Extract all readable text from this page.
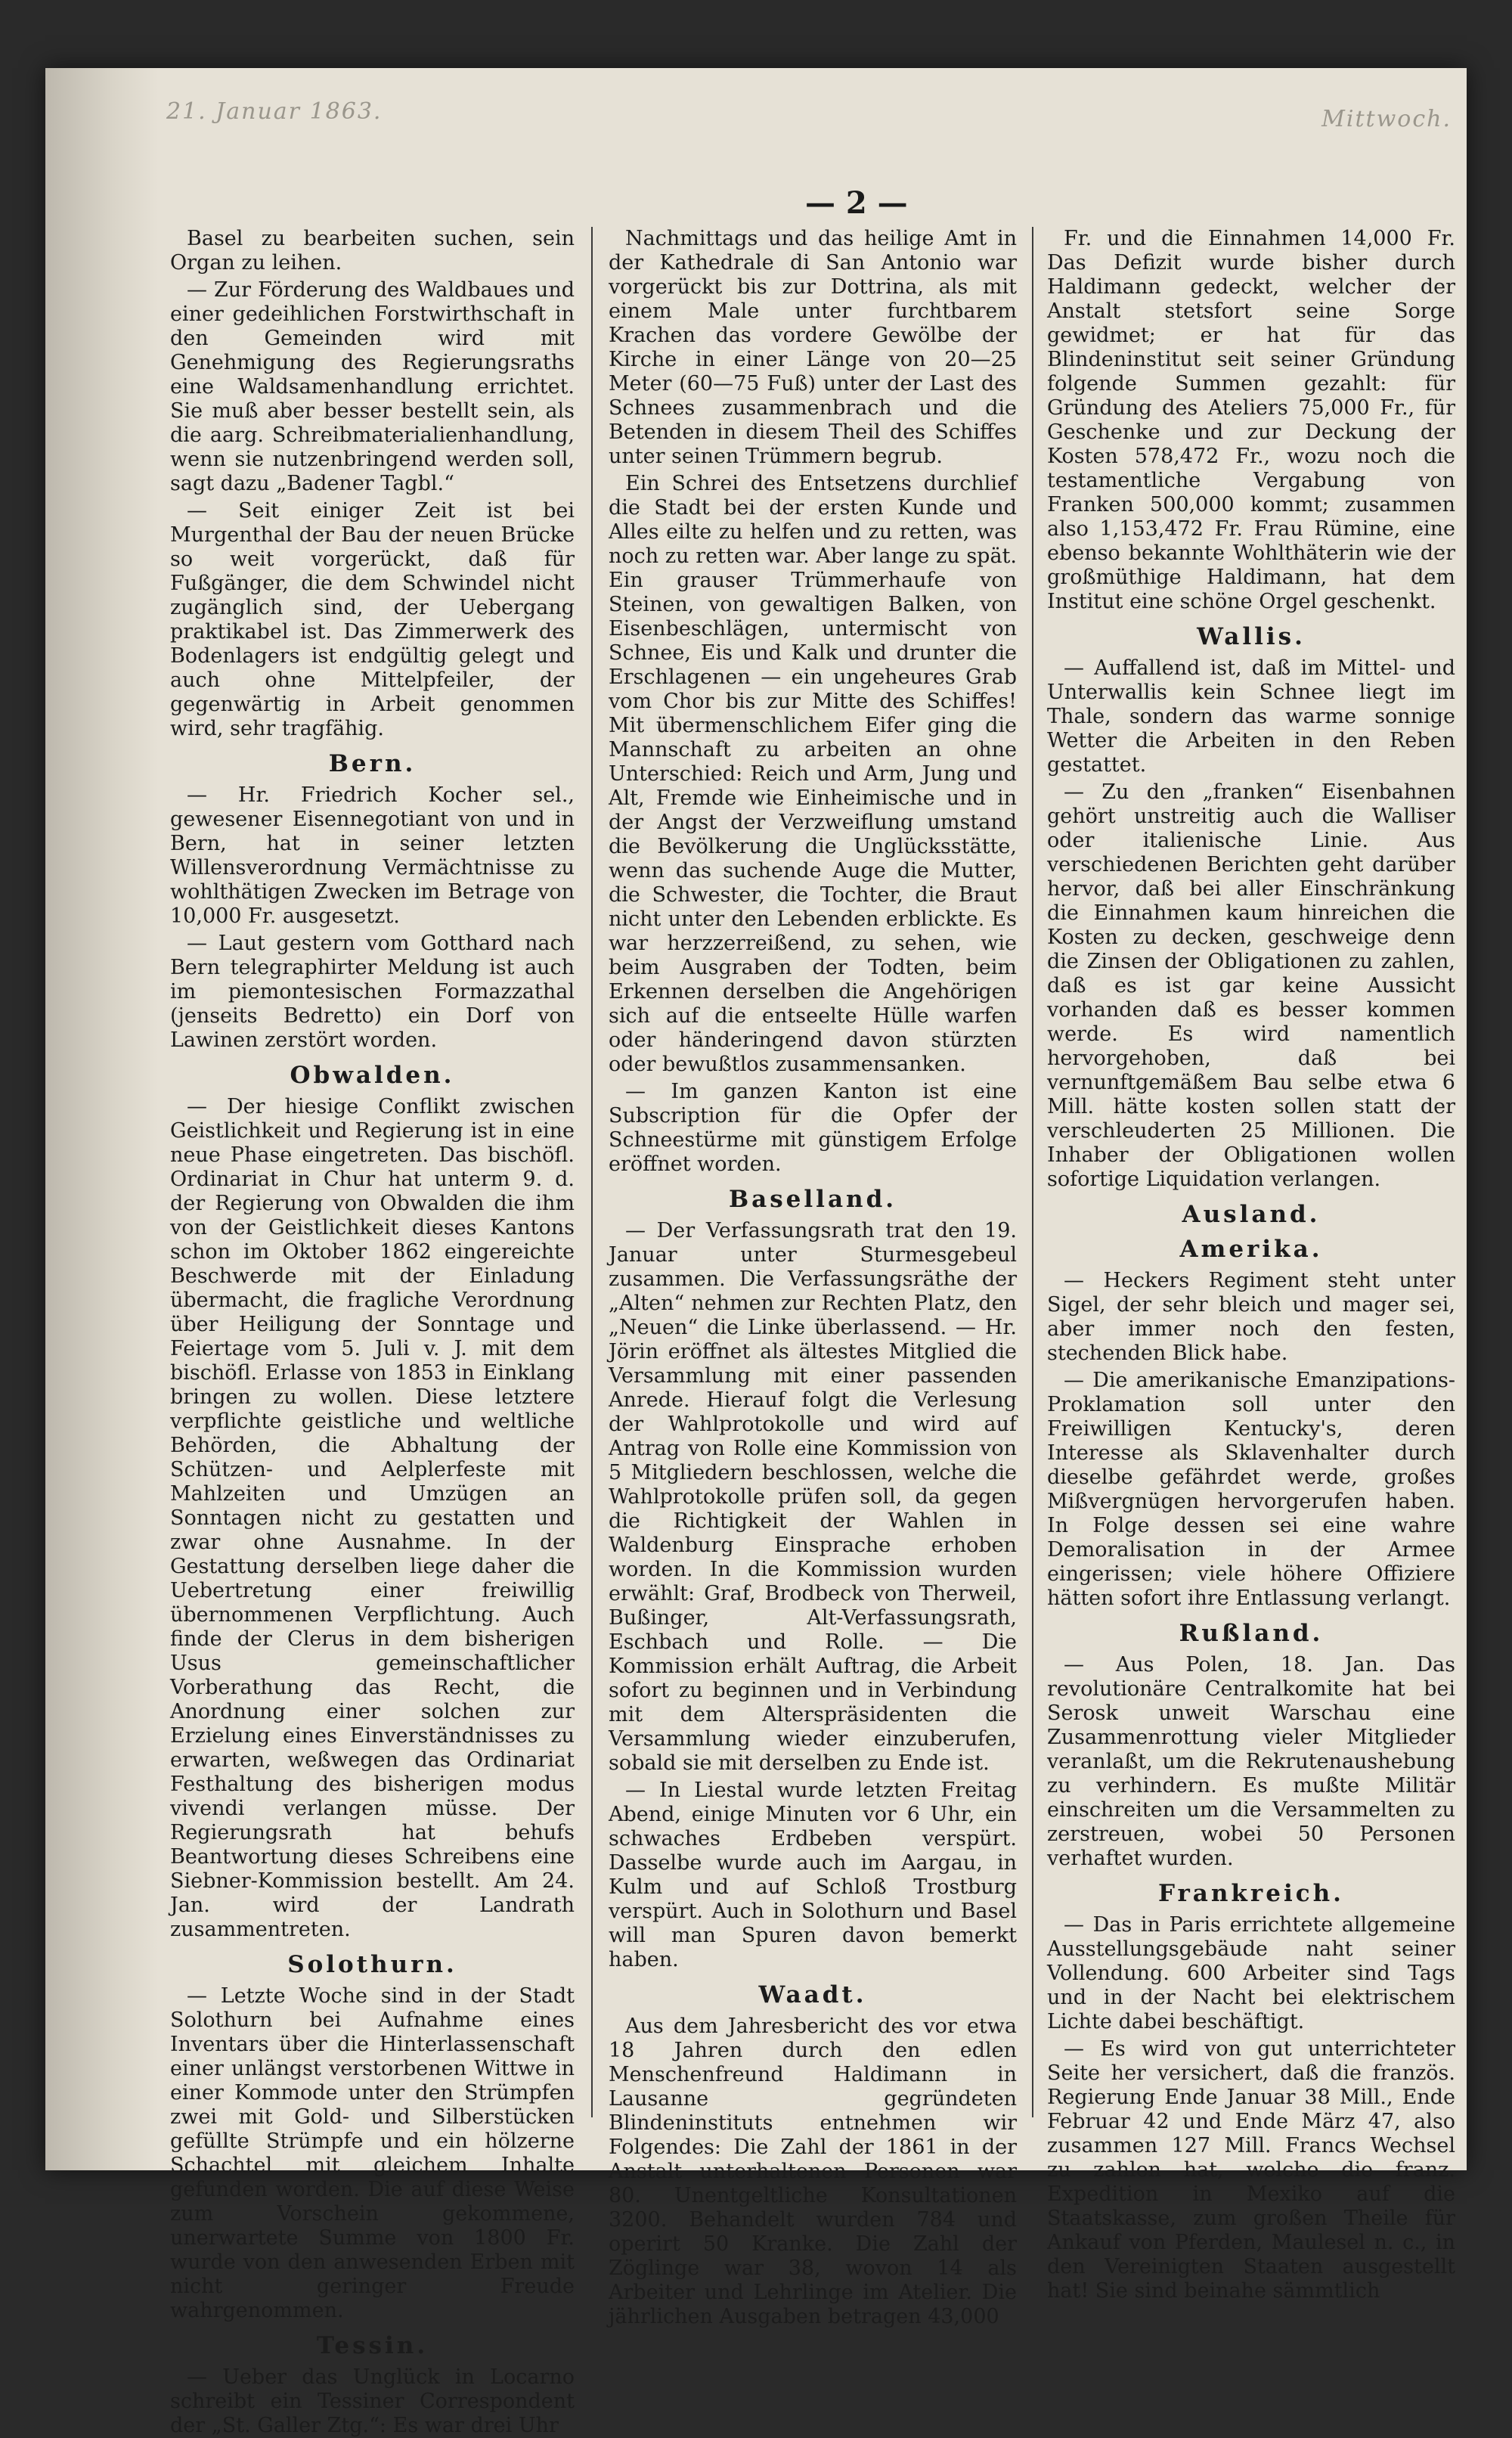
21. Januar 1863.	Mittwoch.
— 2 —

Basel zu bearbeiten suchen, sein Organ zu leihen.

— Zur Förderung des Waldbaues und einer gedeihlichen Forstwirthschaft in den Gemeinden wird mit Genehmigung des Regierungsraths eine Waldsamenhandlung errichtet. Sie muß aber besser bestellt sein, als die aarg. Schreibmaterialienhandlung, wenn sie nutzenbringend werden soll, sagt dazu „Badener Tagbl.“

— Seit einiger Zeit ist bei Murgenthal der Bau der neuen Brücke so weit vorgerückt, daß für Fußgänger, die dem Schwindel nicht zugänglich sind, der Uebergang praktikabel ist. Das Zimmerwerk des Bodenlagers ist endgültig gelegt und auch ohne Mittelpfeiler, der gegenwärtig in Arbeit genommen wird, sehr tragfähig.

Bern.

— Hr. Friedrich Kocher sel., gewesener Eisennegotiant von und in Bern, hat in seiner letzten Willensverordnung Vermächtnisse zu wohlthätigen Zwecken im Betrage von 10,000 Fr. ausgesetzt.

— Laut gestern vom Gotthard nach Bern telegraphirter Meldung ist auch im piemontesischen Formazzathal (jenseits Bedretto) ein Dorf von Lawinen zerstört worden.

Obwalden.

— Der hiesige Conflikt zwischen Geistlichkeit und Regierung ist in eine neue Phase eingetreten. Das bischöfl. Ordinariat in Chur hat unterm 9. d. der Regierung von Obwalden die ihm von der Geistlichkeit dieses Kantons schon im Oktober 1862 eingereichte Beschwerde mit der Einladung übermacht, die fragliche Verordnung über Heiligung der Sonntage und Feiertage vom 5. Juli v. J. mit dem bischöfl. Erlasse von 1853 in Einklang bringen zu wollen. Diese letztere verpflichte geistliche und weltliche Behörden, die Abhaltung der Schützen- und Aelplerfeste mit Mahlzeiten und Umzügen an Sonntagen nicht zu gestatten und zwar ohne Ausnahme. In der Gestattung derselben liege daher die Uebertretung einer freiwillig übernommenen Verpflichtung. Auch finde der Clerus in dem bisherigen Usus gemeinschaftlicher Vorberathung das Recht, die Anordnung einer solchen zur Erzielung eines Einverständnisses zu erwarten, weßwegen das Ordinariat Festhaltung des bisherigen modus vivendi verlangen müsse. Der Regierungsrath hat behufs Beantwortung dieses Schreibens eine Siebner-Kommission bestellt. Am 24. Jan. wird der Landrath zusammentreten.

Solothurn.

— Letzte Woche sind in der Stadt Solothurn bei Aufnahme eines Inventars über die Hinterlassenschaft einer unlängst verstorbenen Wittwe in einer Kommode unter den Strümpfen zwei mit Gold- und Silberstücken gefüllte Strümpfe und ein hölzerne Schachtel mit gleichem Inhalte gefunden worden. Die auf diese Weise zum Vorschein gekommene, unerwartete Summe von 1800 Fr. wurde von den anwesenden Erben mit nicht geringer Freude wahrgenommen.

Tessin.

— Ueber das Unglück in Locarno schreibt ein Tessiner Correspondent der „St. Galler Ztg.“: Es war drei Uhr

Nachmittags und das heilige Amt in der Kathedrale di San Antonio war vorgerückt bis zur Dottrina, als mit einem Male unter furchtbarem Krachen das vordere Gewölbe der Kirche in einer Länge von 20—25 Meter (60—75 Fuß) unter der Last des Schnees zusammenbrach und die Betenden in diesem Theil des Schiffes unter seinen Trümmern begrub.

Ein Schrei des Entsetzens durchlief die Stadt bei der ersten Kunde und Alles eilte zu helfen und zu retten, was noch zu retten war. Aber lange zu spät. Ein grauser Trümmerhaufe von Steinen, von gewaltigen Balken, von Eisenbeschlägen, untermischt von Schnee, Eis und Kalk und drunter die Erschlagenen — ein ungeheures Grab vom Chor bis zur Mitte des Schiffes! Mit übermenschlichem Eifer ging die Mannschaft zu arbeiten an ohne Unterschied: Reich und Arm, Jung und Alt, Fremde wie Einheimische und in der Angst der Verzweiflung umstand die Bevölkerung die Unglücksstätte, wenn das suchende Auge die Mutter, die Schwester, die Tochter, die Braut nicht unter den Lebenden erblickte. Es war herzzerreißend, zu sehen, wie beim Ausgraben der Todten, beim Erkennen derselben die Angehörigen sich auf die entseelte Hülle warfen oder händeringend davon stürzten oder bewußtlos zusammensanken.

— Im ganzen Kanton ist eine Subscription für die Opfer der Schneestürme mit günstigem Erfolge eröffnet worden.

Baselland.

— Der Verfassungsrath trat den 19. Januar unter Sturmesgebeul zusammen. Die Verfassungsräthe der „Alten“ nehmen zur Rechten Platz, den „Neuen“ die Linke überlassend. — Hr. Jörin eröffnet als ältestes Mitglied die Versammlung mit einer passenden Anrede. Hierauf folgt die Verlesung der Wahlprotokolle und wird auf Antrag von Rolle eine Kommission von 5 Mitgliedern beschlossen, welche die Wahlprotokolle prüfen soll, da gegen die Richtigkeit der Wahlen in Waldenburg Einsprache erhoben worden. In die Kommission wurden erwählt: Graf, Brodbeck von Therweil, Bußinger, Alt-Verfassungsrath, Eschbach und Rolle. — Die Kommission erhält Auftrag, die Arbeit sofort zu beginnen und in Verbindung mit dem Alterspräsidenten die Versammlung wieder einzuberufen, sobald sie mit derselben zu Ende ist.

— In Liestal wurde letzten Freitag Abend, einige Minuten vor 6 Uhr, ein schwaches Erdbeben verspürt. Dasselbe wurde auch im Aargau, in Kulm und auf Schloß Trostburg verspürt. Auch in Solothurn und Basel will man Spuren davon bemerkt haben.

Waadt.

Aus dem Jahresbericht des vor etwa 18 Jahren durch den edlen Menschenfreund Haldimann in Lausanne gegründeten Blindeninstituts entnehmen wir Folgendes: Die Zahl der 1861 in der Anstalt unterhaltenen Personen war 80. Unentgeltliche Konsultationen 3200. Behandelt wurden 784 und operirt 50 Kranke. Die Zahl der Zöglinge war 38, wovon 14 als Arbeiter und Lehrlinge im Atelier. Die jährlichen Ausgaben betragen 43,000

Fr. und die Einnahmen 14,000 Fr. Das Defizit wurde bisher durch Haldimann gedeckt, welcher der Anstalt stetsfort seine Sorge gewidmet; er hat für das Blindeninstitut seit seiner Gründung folgende Summen gezahlt: für Gründung des Ateliers 75,000 Fr., für Geschenke und zur Deckung der Kosten 578,472 Fr., wozu noch die testamentliche Vergabung von Franken 500,000 kommt; zusammen also 1,153,472 Fr. Frau Rümine, eine ebenso bekannte Wohlthäterin wie der großmüthige Haldimann, hat dem Institut eine schöne Orgel geschenkt.

Wallis.

— Auffallend ist, daß im Mittel- und Unterwallis kein Schnee liegt im Thale, sondern das warme sonnige Wetter die Arbeiten in den Reben gestattet.

— Zu den „franken“ Eisenbahnen gehört unstreitig auch die Walliser oder italienische Linie. Aus verschiedenen Berichten geht darüber hervor, daß bei aller Einschränkung die Einnahmen kaum hinreichen die Kosten zu decken, geschweige denn die Zinsen der Obligationen zu zahlen, daß es ist gar keine Aussicht vorhanden daß es besser kommen werde. Es wird namentlich hervorgehoben, daß bei vernunftgemäßem Bau selbe etwa 6 Mill. hätte kosten sollen statt der verschleuderten 25 Millionen. Die Inhaber der Obligationen wollen sofortige Liquidation verlangen.

Ausland.
Amerika.

— Heckers Regiment steht unter Sigel, der sehr bleich und mager sei, aber immer noch den festen, stechenden Blick habe.

— Die amerikanische Emanzipations-Proklamation soll unter den Freiwilligen Kentucky's, deren Interesse als Sklavenhalter durch dieselbe gefährdet werde, großes Mißvergnügen hervorgerufen haben. In Folge dessen sei eine wahre Demoralisation in der Armee eingerissen; viele höhere Offiziere hätten sofort ihre Entlassung verlangt.

Rußland.

— Aus Polen, 18. Jan. Das revolutionäre Centralkomite hat bei Serosk unweit Warschau eine Zusammenrottung vieler Mitglieder veranlaßt, um die Rekrutenaushebung zu verhindern. Es mußte Militär einschreiten um die Versammelten zu zerstreuen, wobei 50 Personen verhaftet wurden.

Frankreich.

— Das in Paris errichtete allgemeine Ausstellungsgebäude naht seiner Vollendung. 600 Arbeiter sind Tags und in der Nacht bei elektrischem Lichte dabei beschäftigt.

— Es wird von gut unterrichteter Seite her versichert, daß die französ. Regierung Ende Januar 38 Mill., Ende Februar 42 und Ende März 47, also zusammen 127 Mill. Francs Wechsel zu zahlen hat, welche die franz. Expedition in Mexiko auf die Staatskasse, zum großen Theile für Ankauf von Pferden, Maulesel n. c., in den Vereinigten Staaten ausgestellt hat! Sie sind beinahe sämmtlich
